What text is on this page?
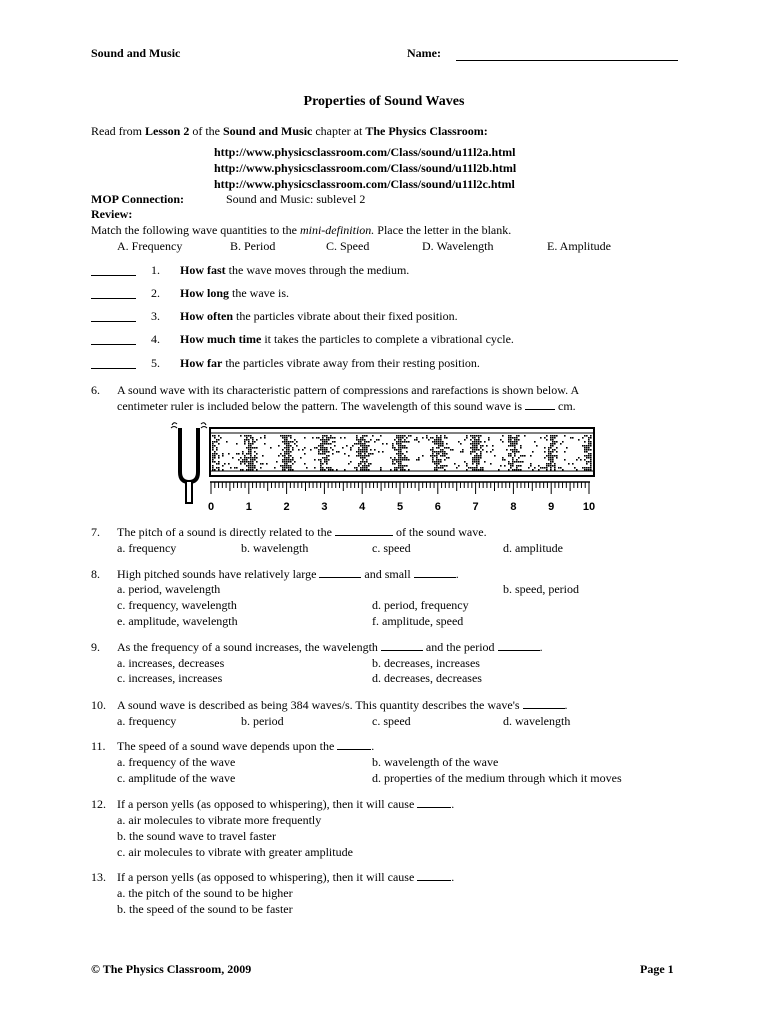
Sound and Music	Name:
Properties of Sound Waves
Read from Lesson 2 of the Sound and Music chapter at The Physics Classroom:
http://www.physicsclassroom.com/Class/sound/u11l2a.html
http://www.physicsclassroom.com/Class/sound/u11l2b.html
http://www.physicsclassroom.com/Class/sound/u11l2c.html
MOP Connection:	Sound and Music: sublevel 2
Review:
Match the following wave quantities to the mini-definition. Place the letter in the blank.
A. Frequency	B. Period	C. Speed	D. Wavelength	E. Amplitude
1. How fast the wave moves through the medium.
2. How long the wave is.
3. How often the particles vibrate about their fixed position.
4. How much time it takes the particles to complete a vibrational cycle.
5. How far the particles vibrate away from their resting position.
6. A sound wave with its characteristic pattern of compressions and rarefactions is shown below. A
centimeter ruler is included below the pattern. The wavelength of this sound wave is	cm.
0	1	2	3	4	5	6	7	8	9	10
7. The pitch of a sound is directly related to the	of the sound wave.
a. frequency	b. wavelength	c. speed	d. amplitude
8. High pitched sounds have relatively large	and small	.
a. period, wavelength	b. speed, period
c. frequency, wavelength	d. period, frequency
e. amplitude, wavelength	f. amplitude, speed
9. As the frequency of a sound increases, the wavelength	and the period	.
a. increases, decreases	b. decreases, increases
c. increases, increases	d. decreases, decreases
10. A sound wave is described as being 384 waves/s. This quantity describes the wave's	.
a. frequency	b. period	c. speed	d. wavelength
11. The speed of a sound wave depends upon the	.
a. frequency of the wave	b. wavelength of the wave
c. amplitude of the wave	d. properties of the medium through which it moves
12. If a person yells (as opposed to whispering), then it will cause	.
a. air molecules to vibrate more frequently
b. the sound wave to travel faster
c. air molecules to vibrate with greater amplitude
13. If a person yells (as opposed to whispering), then it will cause	.
a. the pitch of the sound to be higher
b. the speed of the sound to be faster
© The Physics Classroom, 2009	Page 1
